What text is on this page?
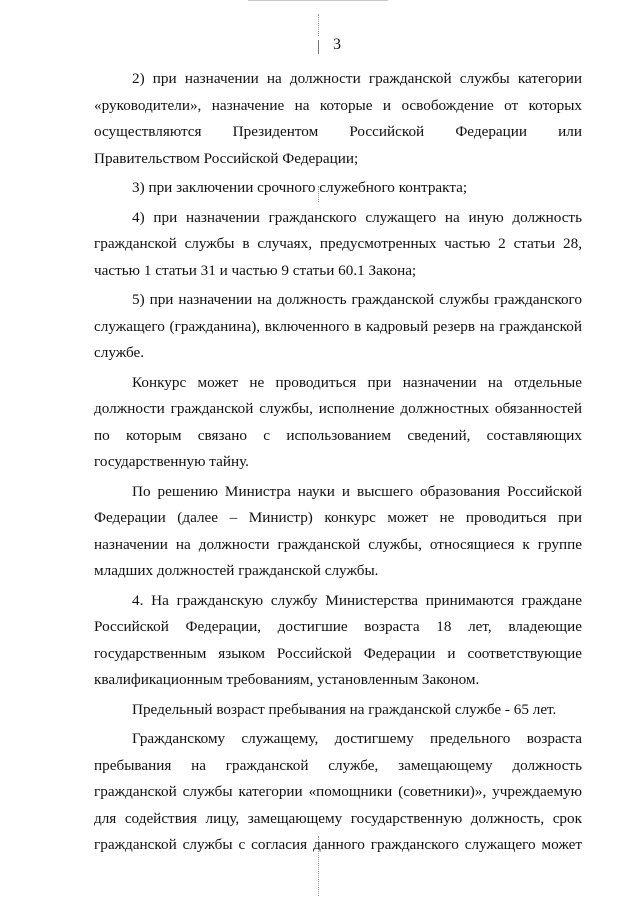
3

2) при назначении на должности гражданской службы категории «руководители», назначение на которые и освобождение от которых осуществляются Президентом Российской Федерации или Правительством Российской Федерации;

3) при заключении срочного служебного контракта;

4) при назначении гражданского служащего на иную должность гражданской службы в случаях, предусмотренных частью 2 статьи 28, частью 1 статьи 31 и частью 9 статьи 60.1 Закона;

5) при назначении на должность гражданской службы гражданского служащего (гражданина), включенного в кадровый резерв на гражданской службе.

Конкурс может не проводиться при назначении на отдельные должности гражданской службы, исполнение должностных обязанностей по которым связано с использованием сведений, составляющих государственную тайну.

По решению Министра науки и высшего образования Российской Федерации (далее – Министр) конкурс может не проводиться при назначении на должности гражданской службы, относящиеся к группе младших должностей гражданской службы.

4. На гражданскую службу Министерства принимаются граждане Российской Федерации, достигшие возраста 18 лет, владеющие государственным языком Российской Федерации и соответствующие квалификационным требованиям, установленным Законом.

Предельный возраст пребывания на гражданской службе - 65 лет.

Гражданскому служащему, достигшему предельного возраста пребывания на гражданской службе, замещающему должность гражданской службы категории «помощники (советники)», учреждаемую для содействия лицу, замещающему государственную должность, срок гражданской службы с согласия данного гражданского служащего может
